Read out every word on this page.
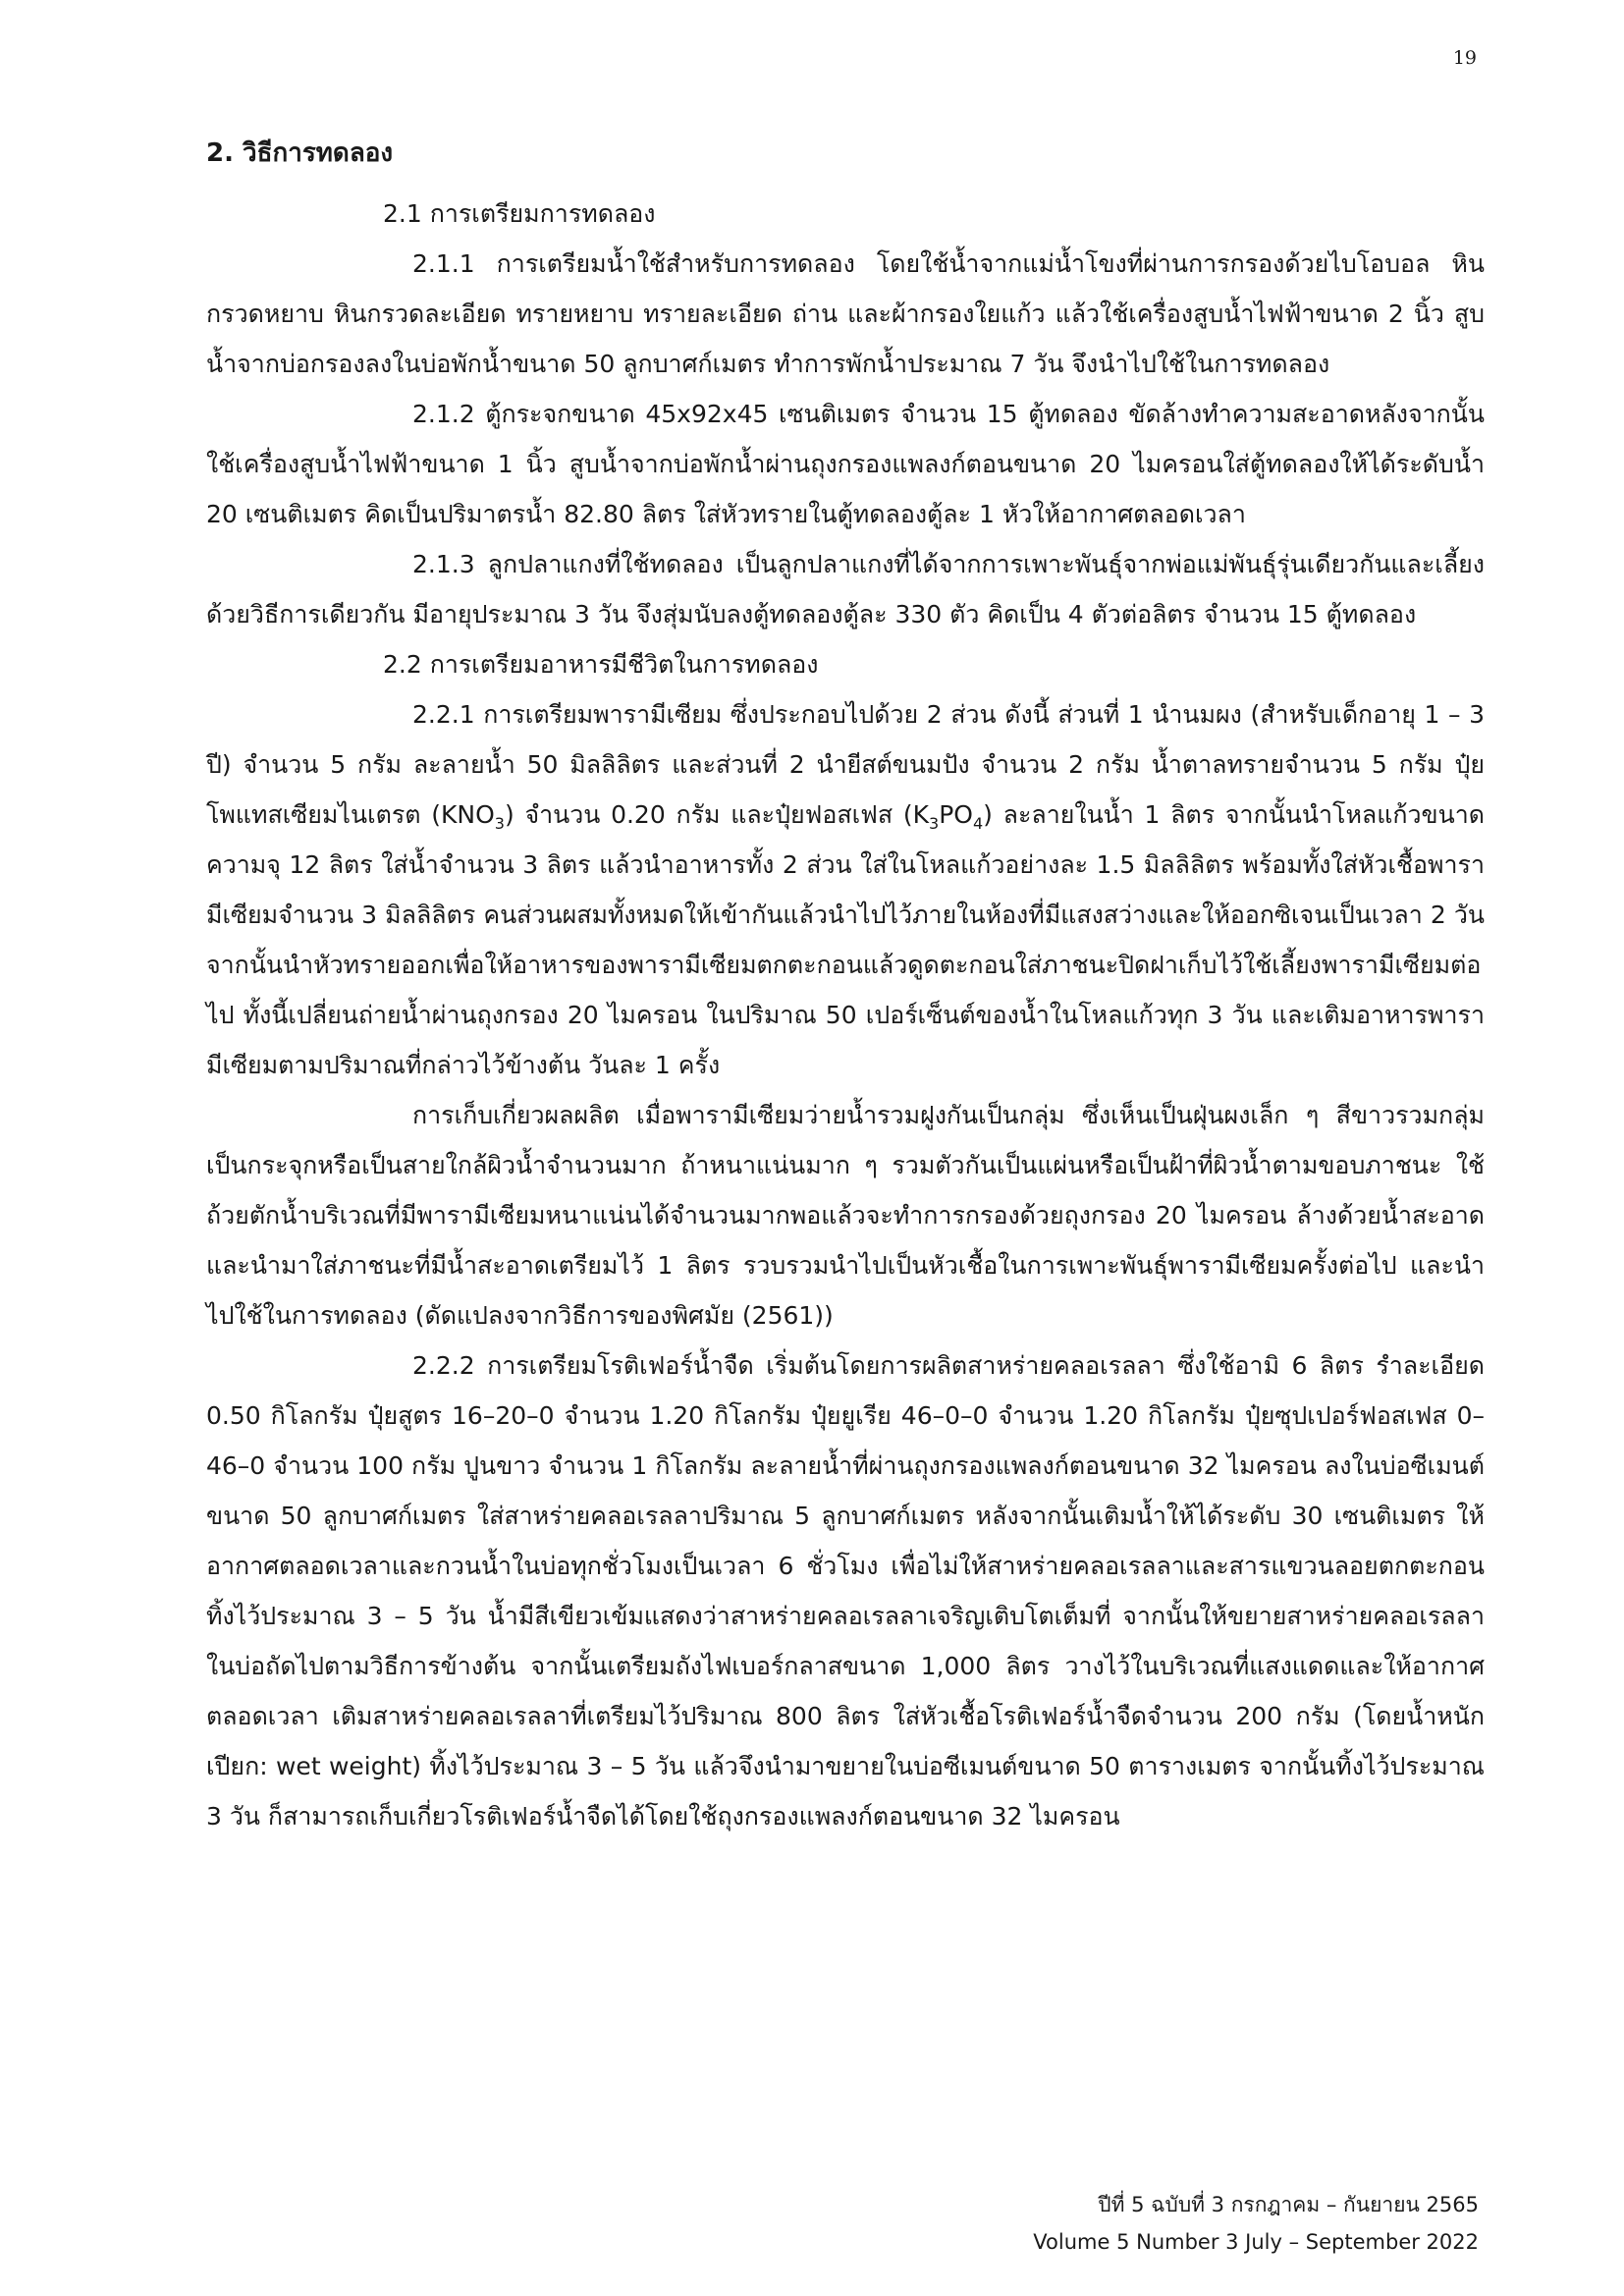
19
2. วิธีการทดลอง
2.1 การเตรียมการทดลอง

2.1.1 การเตรียมน้ำใช้สำหรับการทดลอง โดยใช้น้ำจากแม่น้ำโขงที่ผ่านการกรองด้วยไบโอบอล หินกรวดหยาบ หินกรวดละเอียด ทรายหยาบ ทรายละเอียด ถ่าน และผ้ากรองใยแก้ว แล้วใช้เครื่องสูบน้ำไฟฟ้าขนาด 2 นิ้ว สูบน้ำจากบ่อกรองลงในบ่อพักน้ำขนาด 50 ลูกบาศก์เมตร ทำการพักน้ำประมาณ 7 วัน จึงนำไปใช้ในการทดลอง

2.1.2 ตู้กระจกขนาด 45x92x45 เซนติเมตร จำนวน 15 ตู้ทดลอง ขัดล้างทำความสะอาดหลังจากนั้นใช้เครื่องสูบน้ำไฟฟ้าขนาด 1 นิ้ว สูบน้ำจากบ่อพักน้ำผ่านถุงกรองแพลงก์ตอนขนาด 20 ไมครอนใส่ตู้ทดลองให้ได้ระดับน้ำ 20 เซนติเมตร คิดเป็นปริมาตรน้ำ 82.80 ลิตร ใส่หัวทรายในตู้ทดลองตู้ละ 1 หัวให้อากาศตลอดเวลา

2.1.3 ลูกปลาแกงที่ใช้ทดลอง เป็นลูกปลาแกงที่ได้จากการเพาะพันธุ์จากพ่อแม่พันธุ์รุ่นเดียวกันและเลี้ยงด้วยวิธีการเดียวกัน มีอายุประมาณ 3 วัน จึงสุ่มนับลงตู้ทดลองตู้ละ 330 ตัว คิดเป็น 4 ตัวต่อลิตร จำนวน 15 ตู้ทดลอง

2.2 การเตรียมอาหารมีชีวิตในการทดลอง

2.2.1 การเตรียมพารามีเซียม ซึ่งประกอบไปด้วย 2 ส่วน ดังนี้ ส่วนที่ 1 นำนมผง (สำหรับเด็กอายุ 1 – 3 ปี) จำนวน 5 กรัม ละลายน้ำ 50 มิลลิลิตร และส่วนที่ 2 นำยีสต์ขนมปัง จำนวน 2 กรัม น้ำตาลทรายจำนวน 5 กรัม ปุ๋ยโพแทสเซียมไนเตรต $(KNO_3)$ จำนวน 0.20 กรัม และปุ๋ยฟอสเฟส $(K_3PO_4)$ ละลายในน้ำ 1 ลิตร จากนั้นนำโหลแก้วขนาดความจุ 12 ลิตร ใส่น้ำจำนวน 3 ลิตร แล้วนำอาหารทั้ง 2 ส่วน ใส่ในโหลแก้วอย่างละ 1.5 มิลลิลิตร พร้อมทั้งใส่หัวเชื้อพารามีเซียมจำนวน 3 มิลลิลิตร คนส่วนผสมทั้งหมดให้เข้ากันแล้วนำไปไว้ภายในห้องที่มีแสงสว่างและให้ออกซิเจนเป็นเวลา 2 วัน จากนั้นนำหัวทรายออกเพื่อให้อาหารของพารามีเซียมตกตะกอนแล้วดูดตะกอนใส่ภาชนะปิดฝาเก็บไว้ใช้เลี้ยงพารามีเซียมต่อไป ทั้งนี้เปลี่ยนถ่ายน้ำผ่านถุงกรอง 20 ไมครอน ในปริมาณ 50 เปอร์เซ็นต์ของน้ำในโหลแก้วทุก 3 วัน และเติมอาหารพารามีเซียมตามปริมาณที่กล่าวไว้ข้างต้น วันละ 1 ครั้ง

การเก็บเกี่ยวผลผลิต เมื่อพารามีเซียมว่ายน้ำรวมฝูงกันเป็นกลุ่ม ซึ่งเห็นเป็นฝุ่นผงเล็ก ๆ สีขาวรวมกลุ่มเป็นกระจุกหรือเป็นสายใกล้ผิวน้ำจำนวนมาก ถ้าหนาแน่นมาก ๆ รวมตัวกันเป็นแผ่นหรือเป็นฝ้าที่ผิวน้ำตามขอบภาชนะ ใช้ถ้วยตักน้ำบริเวณที่มีพารามีเซียมหนาแน่นได้จำนวนมากพอแล้วจะทำการกรองด้วยถุงกรอง 20 ไมครอน ล้างด้วยน้ำสะอาดและนำมาใส่ภาชนะที่มีน้ำสะอาดเตรียมไว้ 1 ลิตร รวบรวมนำไปเป็นหัวเชื้อในการเพาะพันธุ์พารามีเซียมครั้งต่อไป และนำไปใช้ในการทดลอง (ดัดแปลงจากวิธีการของพิศมัย (2561))

2.2.2 การเตรียมโรติเฟอร์น้ำจืด เริ่มต้นโดยการผลิตสาหร่ายคลอเรลลา ซึ่งใช้อามิ 6 ลิตร รำละเอียด 0.50 กิโลกรัม ปุ๋ยสูตร 16–20–0 จำนวน 1.20 กิโลกรัม ปุ๋ยยูเรีย 46–0–0 จำนวน 1.20 กิโลกรัม ปุ๋ยซุปเปอร์ฟอสเฟส 0–46–0 จำนวน 100 กรัม ปูนขาว จำนวน 1 กิโลกรัม ละลายน้ำที่ผ่านถุงกรองแพลงก์ตอนขนาด 32 ไมครอน ลงในบ่อซีเมนต์ขนาด 50 ลูกบาศก์เมตร ใส่สาหร่ายคลอเรลลาปริมาณ 5 ลูกบาศก์เมตร หลังจากนั้นเติมน้ำให้ได้ระดับ 30 เซนติเมตร ให้อากาศตลอดเวลาและกวนน้ำในบ่อทุกชั่วโมงเป็นเวลา 6 ชั่วโมง เพื่อไม่ให้สาหร่ายคลอเรลลาและสารแขวนลอยตกตะกอน ทิ้งไว้ประมาณ 3 – 5 วัน น้ำมีสีเขียวเข้มแสดงว่าสาหร่ายคลอเรลลาเจริญเติบโตเต็มที่ จากนั้นให้ขยายสาหร่ายคลอเรลลาในบ่อถัดไปตามวิธีการข้างต้น จากนั้นเตรียมถังไฟเบอร์กลาสขนาด 1,000 ลิตร วางไว้ในบริเวณที่แสงแดดและให้อากาศตลอดเวลา เติมสาหร่ายคลอเรลลาที่เตรียมไว้ปริมาณ 800 ลิตร ใส่หัวเชื้อโรติเฟอร์น้ำจืดจำนวน 200 กรัม (โดยน้ำหนักเปียก: wet weight) ทิ้งไว้ประมาณ 3 – 5 วัน แล้วจึงนำมาขยายในบ่อซีเมนต์ขนาด 50 ตารางเมตร จากนั้นทิ้งไว้ประมาณ 3 วัน ก็สามารถเก็บเกี่ยวโรติเฟอร์น้ำจืดได้โดยใช้ถุงกรองแพลงก์ตอนขนาด 32 ไมครอน

ปีที่ 5 ฉบับที่ 3 กรกฎาคม – กันยายน 2565
Volume 5 Number 3 July – September 2022
